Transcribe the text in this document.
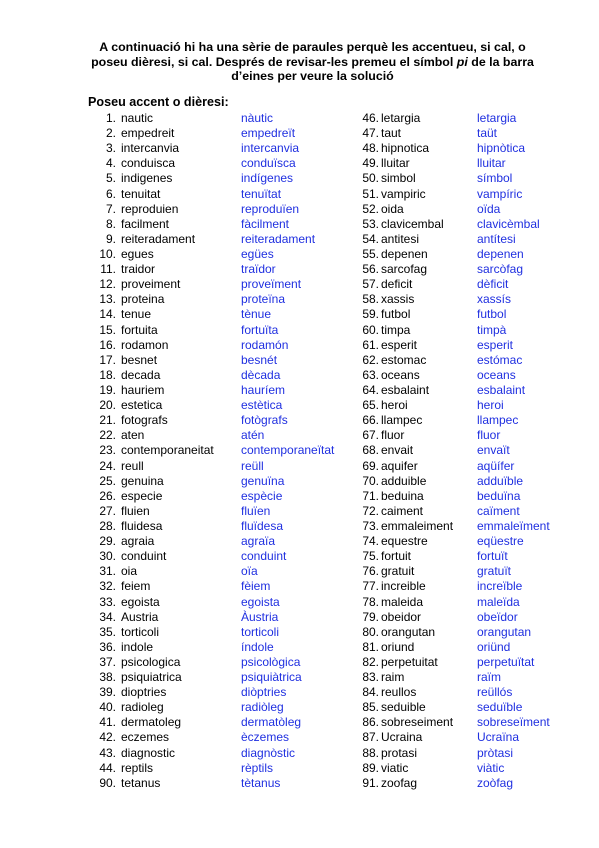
A continuació hi ha una sèrie de paraules perquè les accentueu, si cal, o poseu dièresi, si cal. Després de revisar-les premeu el símbol pi de la barra d’eines per veure la solució
Poseu accent o dièresi:
1. nautic	nàutic
2. empedreit	empedreït
3. intercanvia	intercanvia
4. conduisca	conduïsca
5. indigenes	indígenes
6. tenuitat	tenuïtat
7. reproduien	reproduïen
8. facilment	fàcilment
9. reiteradament	reiteradament
10. egues	egües
11. traidor	traïdor
12. proveiment	proveïment
13. proteina	proteïna
14. tenue	tènue
15. fortuita	fortuïta
16. rodamon	rodamón
17. besnet	besnét
18. decada	dècada
19. hauriem	hauríem
20. estetica	estètica
21. fotografs	fotògrafs
22. aten	atén
23. contemporaneitat contemporaneïtat
24. reull	reüll
25. genuina	genuïna
26. especie	espècie
27. fluien	fluïen
28. fluidesa	fluïdesa
29. agraia	agraïa
30. conduint	conduint
31. oia	oïa
32. feiem	fèiem
33. egoista	egoista
34. Austria	Àustria
35. torticoli	torticoli
36. indole	índole
37. psicologica	psicològica
38. psiquiatrica	psiquiàtrica
39. dioptries	diòptries
40. radioleg	radiòleg
41. dermatoleg	dermatòleg
42. eczemes	èczemes
43. diagnostic	diagnòstic
44. reptils	rèptils
90. tetanus	tètanus
46. letargia	letargia
47. taut	taüt
48. hipnotica	hipnòtica
49. lluitar	lluitar
50. simbol	símbol
51. vampiric	vampíric
52. oida	oïda
53. clavicembal	clavicèmbal
54. antitesi	antítesi
55. depenen	depenen
56. sarcofag	sarcòfag
57. deficit	dèficit
58. xassis	xassís
59. futbol	futbol
60. timpa	timpà
61. esperit	esperit
62. estomac	estómac
63. oceans	oceans
64. esbalaint	esbalaint
65. heroi	heroi
66. llampec	llampec
67. fluor	fluor
68. envait	envaït
69. aquifer	aqüífer
70. adduible	adduïble
71. beduina	beduïna
72. caiment	caïment
73. emmaleiment emmaleïment
74. equestre	eqüestre
75. fortuit	fortuït
76. gratuit	gratuït
77. increible	increïble
78. maleida	maleïda
79. obeidor	obeïdor
80. orangutan	orangutan
81. oriund	oriünd
82. perpetuitat	perpetuïtat
83. raim	raïm
84. reullos	reüllós
85. seduible	seduïble
86. sobreseiment sobreseïment
87. Ucraina	Ucraïna
88. protasi	pròtasi
89. viatic	viàtic
91. zoofag	zoòfag
